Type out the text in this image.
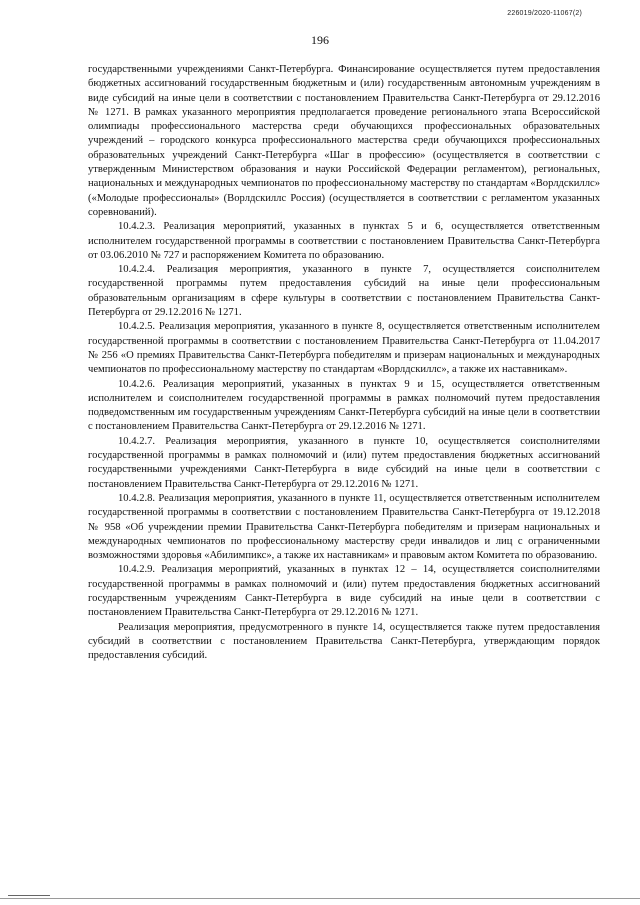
226019/2020-11067(2)
196

государственными учреждениями Санкт-Петербурга. Финансирование осуществляется путем предоставления бюджетных ассигнований государственным бюджетным и (или) государственным автономным учреждениям в виде субсидий на иные цели в соответствии с постановлением Правительства Санкт-Петербурга от 29.12.2016 № 1271. В рамках указанного мероприятия предполагается проведение регионального этапа Всероссийской олимпиады профессионального мастерства среди обучающихся профессиональных образовательных учреждений – городского конкурса профессионального мастерства среди обучающихся профессиональных образовательных учреждений Санкт-Петербурга «Шаг в профессию» (осуществляется в соответствии с утвержденным Министерством образования и науки Российской Федерации регламентом), региональных, национальных и международных чемпионатов по профессиональному мастерству по стандартам «Ворлдскиллс» («Молодые профессионалы» (Ворлдскиллс Россия) (осуществляется в соответствии с регламентом указанных соревнований).

10.4.2.3. Реализация мероприятий, указанных в пунктах 5 и 6, осуществляется ответственным исполнителем государственной программы в соответствии с постановлением Правительства Санкт-Петербурга от 03.06.2010 № 727 и распоряжением Комитета по образованию.

10.4.2.4. Реализация мероприятия, указанного в пункте 7, осуществляется соисполнителем государственной программы путем предоставления субсидий на иные цели профессиональным образовательным организациям в сфере культуры в соответствии с постановлением Правительства Санкт-Петербурга от 29.12.2016 № 1271.

10.4.2.5. Реализация мероприятия, указанного в пункте 8, осуществляется ответственным исполнителем государственной программы в соответствии с постановлением Правительства Санкт-Петербурга от 11.04.2017 № 256 «О премиях Правительства Санкт-Петербурга победителям и призерам национальных и международных чемпионатов по профессиональному мастерству по стандартам «Ворлдскиллс», а также их наставникам».

10.4.2.6. Реализация мероприятий, указанных в пунктах 9 и 15, осуществляется ответственным исполнителем и соисполнителем государственной программы в рамках полномочий путем предоставления подведомственным им государственным учреждениям Санкт-Петербурга субсидий на иные цели в соответствии с постановлением Правительства Санкт-Петербурга от 29.12.2016 № 1271.

10.4.2.7. Реализация мероприятия, указанного в пункте 10, осуществляется соисполнителями государственной программы в рамках полномочий и (или) путем предоставления бюджетных ассигнований государственными учреждениями Санкт-Петербурга в виде субсидий на иные цели в соответствии с постановлением Правительства Санкт-Петербурга от 29.12.2016 № 1271.

10.4.2.8. Реализация мероприятия, указанного в пункте 11, осуществляется ответственным исполнителем государственной программы в соответствии с постановлением Правительства Санкт-Петербурга от 19.12.2018 № 958 «Об учреждении премии Правительства Санкт-Петербурга победителям и призерам национальных и международных чемпионатов по профессиональному мастерству среди инвалидов и лиц с ограниченными возможностями здоровья «Абилимпикс», а также их наставникам» и правовым актом Комитета по образованию.

10.4.2.9. Реализация мероприятий, указанных в пунктах 12 – 14, осуществляется соисполнителями государственной программы в рамках полномочий и (или) путем предоставления бюджетных ассигнований государственным учреждениям Санкт-Петербурга в виде субсидий на иные цели в соответствии с постановлением Правительства Санкт-Петербурга от 29.12.2016 № 1271.

Реализация мероприятия, предусмотренного в пункте 14, осуществляется также путем предоставления субсидий в соответствии с постановлением Правительства Санкт-Петербурга, утверждающим порядок предоставления субсидий.
